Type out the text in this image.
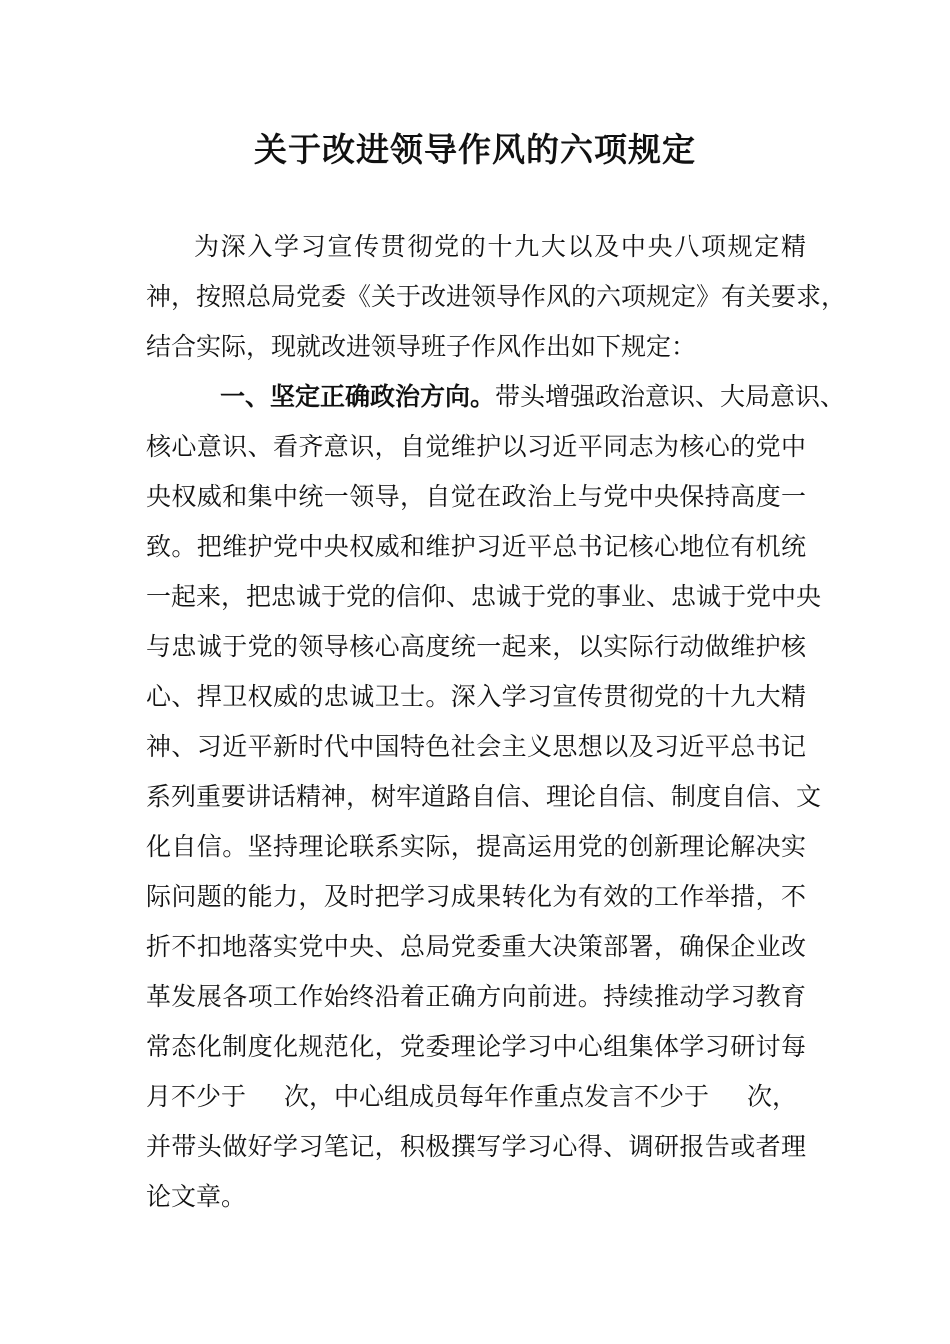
关于改进领导作风的六项规定
为深入学习宣传贯彻党的十九大以及中央八项规定精
神，按照总局党委《关于改进领导作风的六项规定》有关要求，
结合实际，现就改进领导班子作风作出如下规定：
一、坚定正确政治方向。带头增强政治意识、大局意识、
核心意识、看齐意识，自觉维护以习近平同志为核心的党中
央权威和集中统一领导，自觉在政治上与党中央保持高度一
致。把维护党中央权威和维护习近平总书记核心地位有机统
一起来，把忠诚于党的信仰、忠诚于党的事业、忠诚于党中央
与忠诚于党的领导核心高度统一起来，以实际行动做维护核
心、捍卫权威的忠诚卫士。深入学习宣传贯彻党的十九大精
神、习近平新时代中国特色社会主义思想以及习近平总书记
系列重要讲话精神，树牢道路自信、理论自信、制度自信、文
化自信。坚持理论联系实际，提高运用党的创新理论解决实
际问题的能力，及时把学习成果转化为有效的工作举措，不
折不扣地落实党中央、总局党委重大决策部署，确保企业改
革发展各项工作始终沿着正确方向前进。持续推动学习教育
常态化制度化规范化，党委理论学习中心组集体学习研讨每
月不少于 次，中心组成员每年作重点发言不少于 次，
并带头做好学习笔记，积极撰写学习心得、调研报告或者理
论文章。
